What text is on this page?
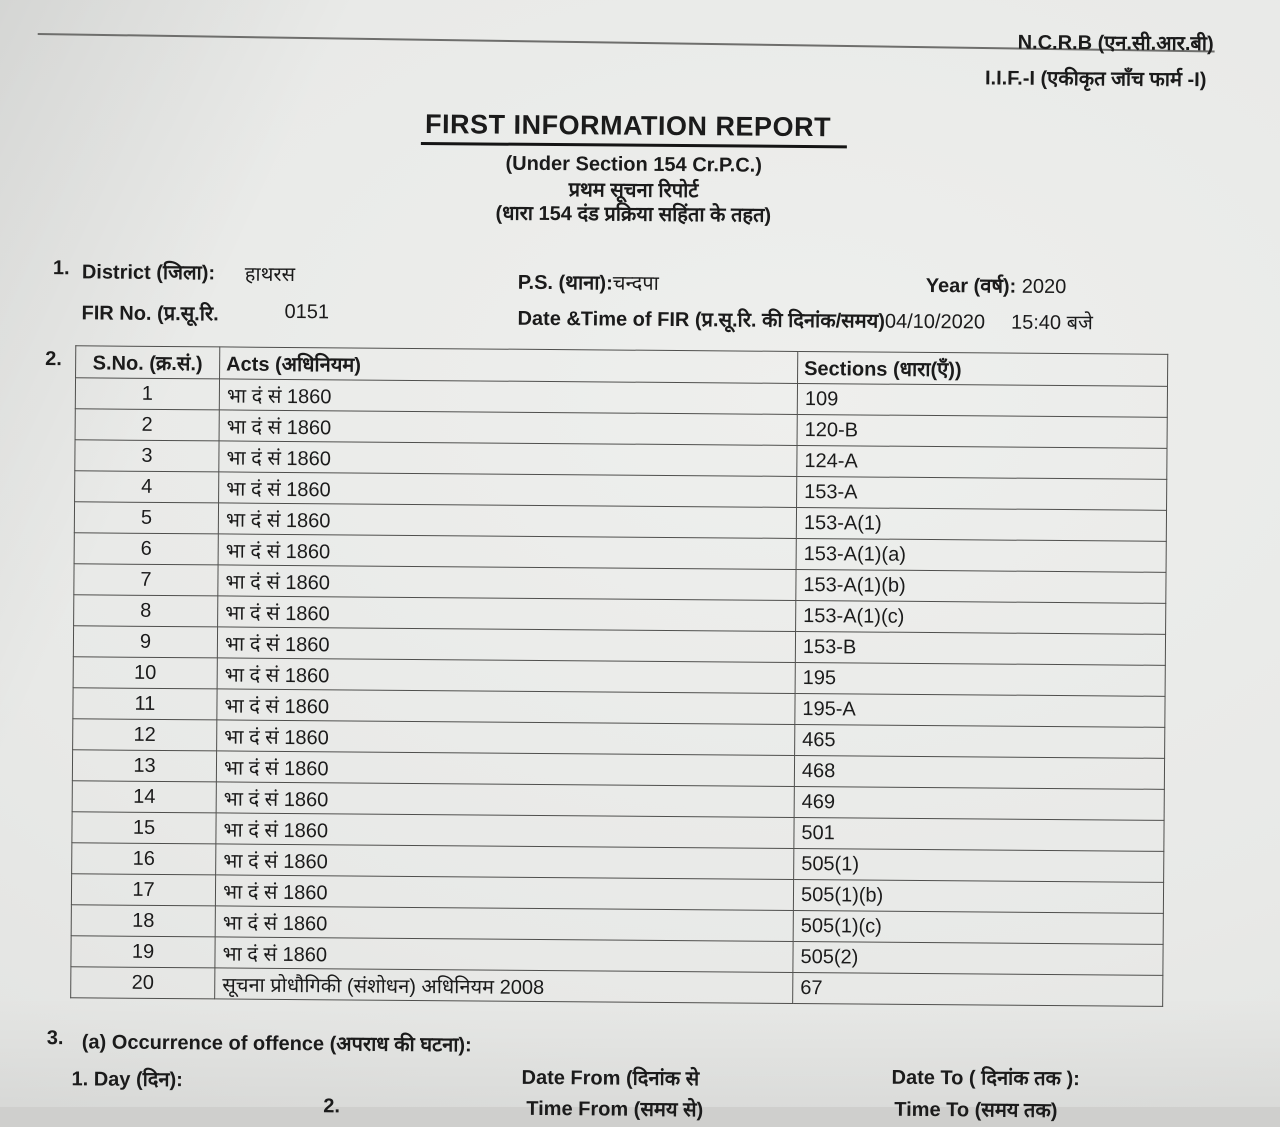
N.C.R.B (एन.सी.आर.बी)
I.I.F.-I (एकीकृत जाँच फार्म -I)
FIRST INFORMATION REPORT
(Under Section 154 Cr.P.C.)
प्रथम सूचना रिपोर्ट
(धारा 154 दंड प्रक्रिया सहिंता के तहत)
1. District (जिला): हाथरस	P.S. (थाना):चन्दपा	Year (वर्ष): 2020
FIR No. (प्र.सू.रि.	0151	Date &Time of FIR (प्र.सू.रि. की दिनांक/समय)04/10/2020 15:40 बजे
2. S.No. (क्र.सं.)	Acts (अधिनियम)	Sections (धारा(एँ))
1	भा दं सं 1860	109
2	भा दं सं 1860	120-B
3	भा दं सं 1860	124-A
4	भा दं सं 1860	153-A
5	भा दं सं 1860	153-A(1)
6	भा दं सं 1860	153-A(1)(a)
7	भा दं सं 1860	153-A(1)(b)
8	भा दं सं 1860	153-A(1)(c)
9	भा दं सं 1860	153-B
10	भा दं सं 1860	195
11	भा दं सं 1860	195-A
12	भा दं सं 1860	465
13	भा दं सं 1860	468
14	भा दं सं 1860	469
15	भा दं सं 1860	501
16	भा दं सं 1860	505(1)
17	भा दं सं 1860	505(1)(b)
18	भा दं सं 1860	505(1)(c)
19	भा दं सं 1860	505(2)
20	सूचना प्रोधौगिकी (संशोधन) अधिनियम 2008	67
3. (a) Occurrence of offence (अपराध की घटना):
1. Day (दिन):	Date From (दिनांक से	Date To ( दिनांक तक ):
2.	Time From (समय से)	Time To (समय तक)
